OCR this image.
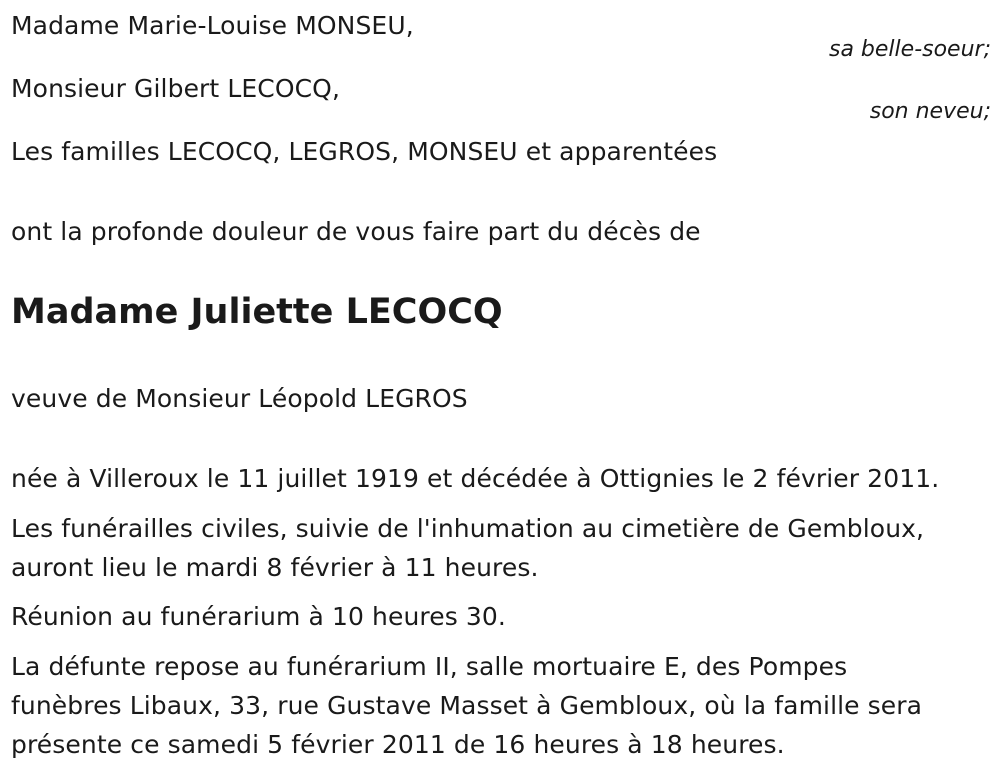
Madame Marie-Louise MONSEU,
sa belle-soeur;
Monsieur Gilbert LECOCQ,
son neveu;
Les familles LECOCQ, LEGROS, MONSEU et apparentées
ont la profonde douleur de vous faire part du décès de
Madame Juliette LECOCQ
veuve de Monsieur Léopold LEGROS
née à Villeroux le 11 juillet 1919 et décédée à Ottignies le 2 février 2011.
Les funérailles civiles, suivie de l'inhumation au cimetière de Gembloux,
auront lieu le mardi 8 février à 11 heures.
Réunion au funérarium à 10 heures 30.
La défunte repose au funérarium II, salle mortuaire E, des Pompes
funèbres Libaux, 33, rue Gustave Masset à Gembloux, où la famille sera
présente ce samedi 5 février 2011 de 16 heures à 18 heures.
